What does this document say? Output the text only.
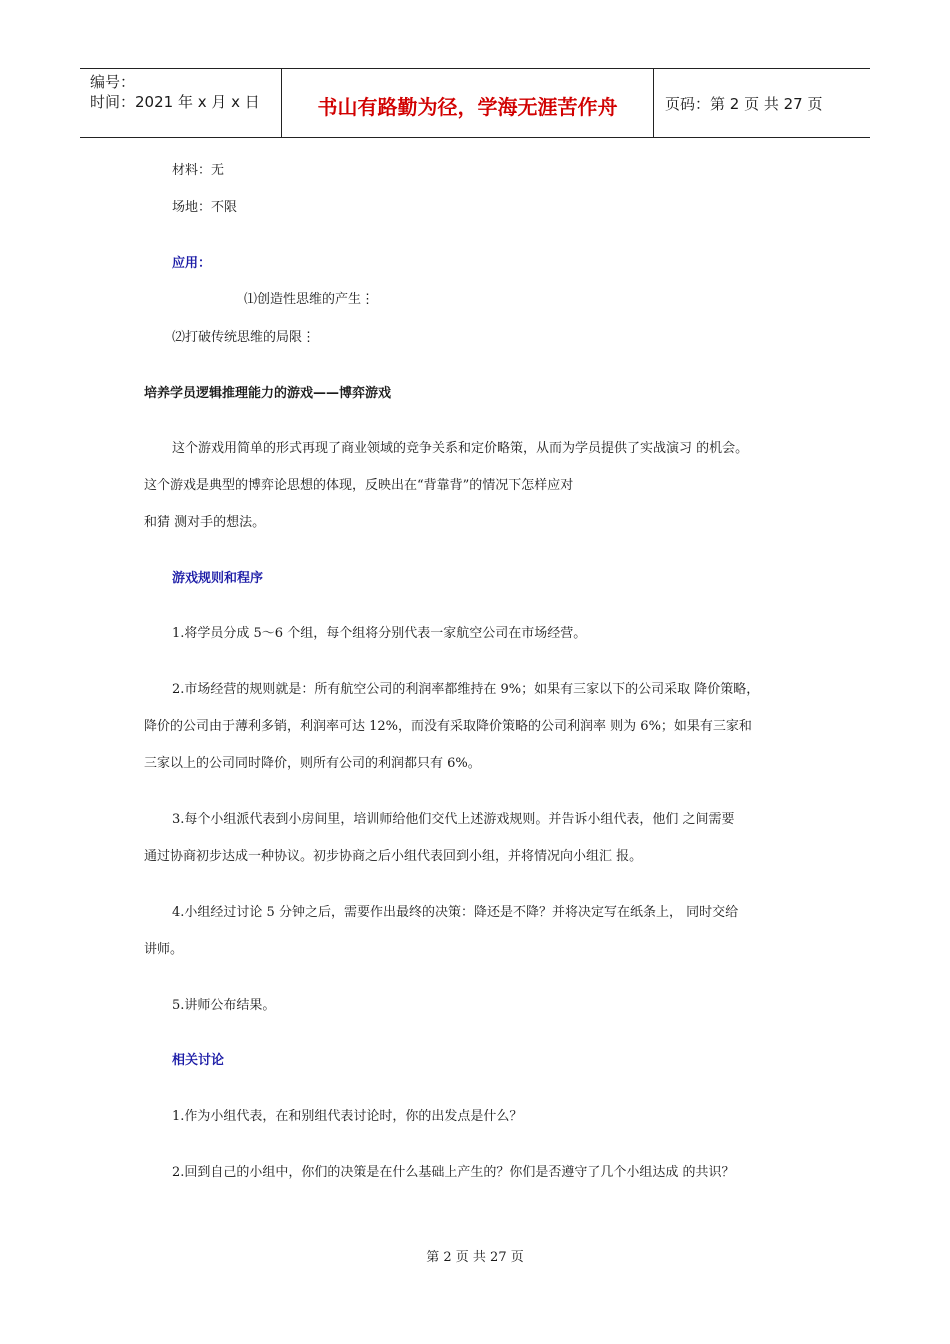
编号：
时间：2021 年 x 月 x 日	书山有路勤为径，学海无涯苦作舟	页码：第 2 页 共 27 页
材料：无
场地：不限
应用：
⑴创造性思维的产生⋮
⑵打破传统思维的局限⋮
培养学员逻辑推理能力的游戏——博弈游戏
这个游戏用简单的形式再现了商业领域的竞争关系和定价略策，从而为学员提供了实战演习 的机会。
这个游戏是典型的博弈论思想的体现，反映出在“背靠背”的情况下怎样应对
和猜 测对手的想法。
游戏规则和程序
1.将学员分成 5～6 个组，每个组将分别代表一家航空公司在市场经营。
2.市场经营的规则就是：所有航空公司的利润率都维持在 9%；如果有三家以下的公司采取 降价策略，
降价的公司由于薄利多销，利润率可达 12%，而没有采取降价策略的公司利润率 则为 6%；如果有三家和
三家以上的公司同时降价，则所有公司的利润都只有 6%。
3.每个小组派代表到小房间里，培训师给他们交代上述游戏规则。并告诉小组代表，他们 之间需要
通过协商初步达成一种协议。初步协商之后小组代表回到小组，并将情况向小组汇 报。
4.小组经过讨论 5 分钟之后，需要作出最终的决策：降还是不降？并将决定写在纸条上， 同时交给
讲师。
5.讲师公布结果。
相关讨论
1.作为小组代表，在和别组代表讨论时，你的出发点是什么？
2.回到自己的小组中，你们的决策是在什么基础上产生的？你们是否遵守了几个小组达成 的共识？
第 2 页 共 27 页
